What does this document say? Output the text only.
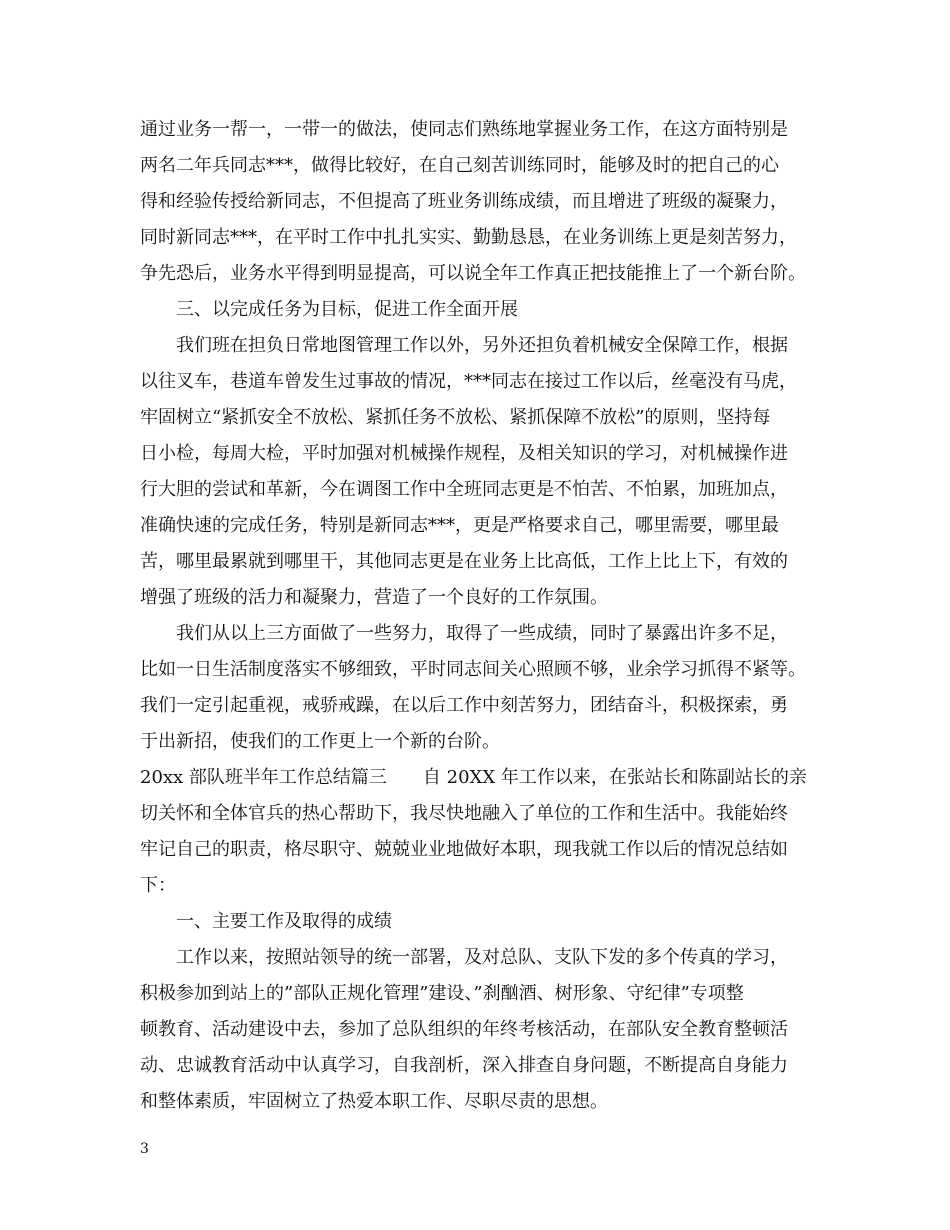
通过业务一帮一，一带一的做法，使同志们熟练地掌握业务工作，在这方面特别是
两名二年兵同志***，做得比较好，在自己刻苦训练同时，能够及时的把自己的心
得和经验传授给新同志，不但提高了班业务训练成绩，而且增进了班级的凝聚力，
同时新同志***，在平时工作中扎扎实实、勤勤恳恳，在业务训练上更是刻苦努力，
争先恐后，业务水平得到明显提高，可以说全年工作真正把技能推上了一个新台阶。
三、以完成任务为目标，促进工作全面开展
我们班在担负日常地图管理工作以外，另外还担负着机械安全保障工作，根据
以往叉车，巷道车曾发生过事故的情况，***同志在接过工作以后，丝毫没有马虎，
牢固树立“紧抓安全不放松、紧抓任务不放松、紧抓保障不放松”的原则，坚持每
日小检，每周大检，平时加强对机械操作规程，及相关知识的学习，对机械操作进
行大胆的尝试和革新，今在调图工作中全班同志更是不怕苦、不怕累，加班加点，
准确快速的完成任务，特别是新同志***，更是严格要求自己，哪里需要，哪里最
苦，哪里最累就到哪里干，其他同志更是在业务上比高低，工作上比上下，有效的
增强了班级的活力和凝聚力，营造了一个良好的工作氛围。
我们从以上三方面做了一些努力，取得了一些成绩，同时了暴露出许多不足，
比如一日生活制度落实不够细致，平时同志间关心照顾不够，业余学习抓得不紧等。
我们一定引起重视，戒骄戒躁，在以后工作中刻苦努力，团结奋斗，积极探索，勇
于出新招，使我们的工作更上一个新的台阶。
20xx 部队班半年工作总结篇三　　自 20XX 年工作以来，在张站长和陈副站长的亲
切关怀和全体官兵的热心帮助下，我尽快地融入了单位的工作和生活中。我能始终
牢记自己的职责，格尽职守、兢兢业业地做好本职，现我就工作以后的情况总结如
下：
一、主要工作及取得的成绩
工作以来，按照站领导的统一部署，及对总队、支队下发的多个传真的学习，
积极参加到站上的”部队正规化管理”建设、”刹酗酒、树形象、守纪律”专项整
顿教育、活动建设中去，参加了总队组织的年终考核活动，在部队安全教育整顿活
动、忠诚教育活动中认真学习，自我剖析，深入排查自身问题，不断提高自身能力
和整体素质，牢固树立了热爱本职工作、尽职尽责的思想。
3
